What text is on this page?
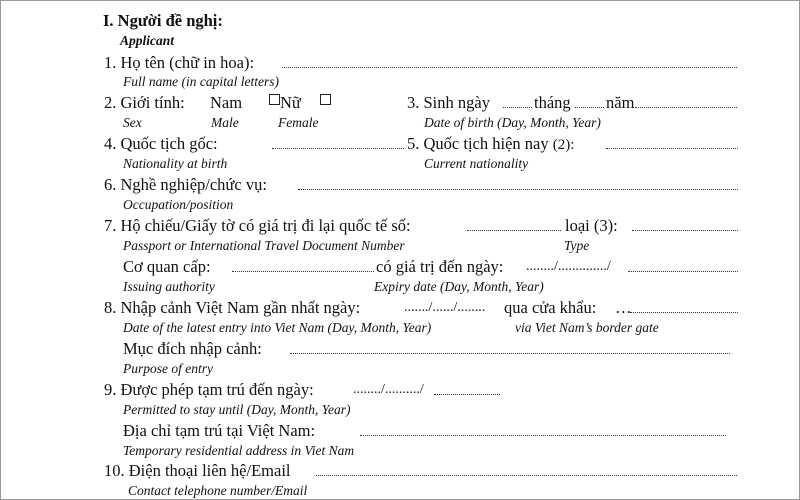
I. Người đề nghị:
Applicant
1. Họ tên (chữ in hoa):
Full name (in capital letters)
2. Giới tính: Nam Nữ
Sex	Male	Female
3. Sinh ngày	tháng năm
Date of birth (Day, Month, Year)
4. Quốc tịch gốc:
Nationality at birth
5. Quốc tịch hiện nay (2):
Current nationality
6. Nghề nghiệp/chức vụ:
Occupation/position
7. Hộ chiếu/Giấy tờ có giá trị đi lại quốc tế số:	loại (3):
Passport or International Travel Document Number	Type
Cơ quan cấp:	có giá trị đến ngày: ......../............../
Issuing authority	Expiry date (Day, Month, Year)
8. Nhập cảnh Việt Nam gần nhất ngày:	......./....../........ qua cửa khẩu: …
Date of the latest entry into Viet Nam (Day, Month, Year)	via Viet Nam’s border gate
Mục đích nhập cảnh:
Purpose of entry
9. Được phép tạm trú đến ngày:	......../........../
Permitted to stay until (Day, Month, Year)
Địa chỉ tạm trú tại Việt Nam:
Temporary residential address in Viet Nam
10. Điện thoại liên hệ/Email
Contact telephone number/Email
